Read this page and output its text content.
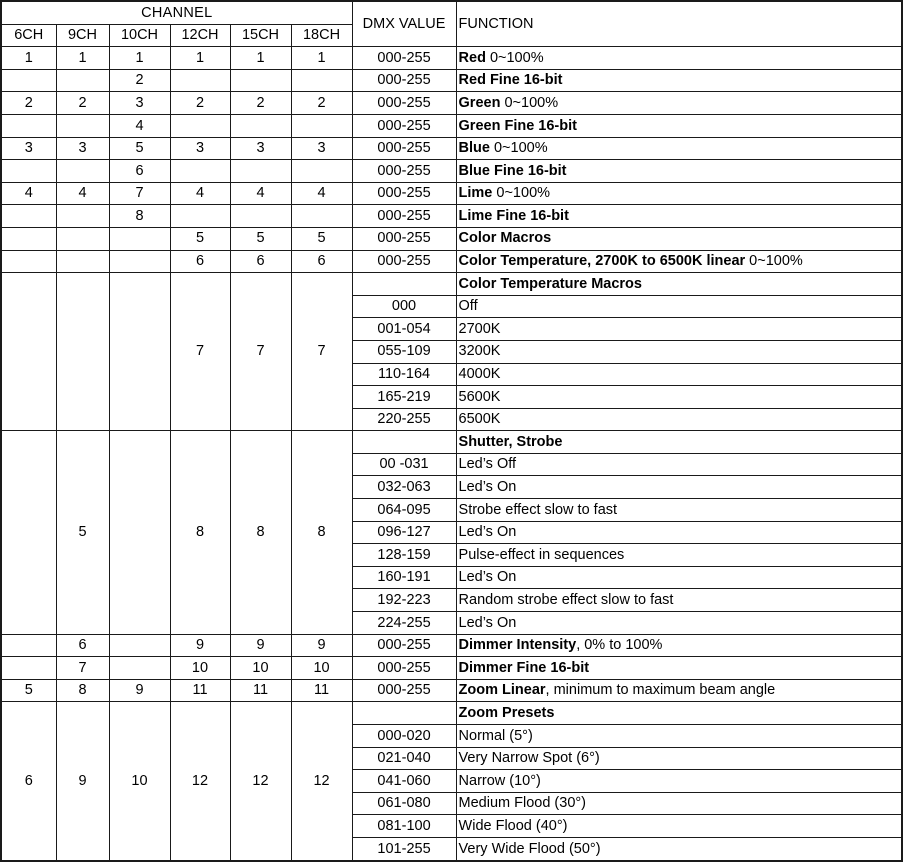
CHANNEL						DMX VALUE	FUNCTION
6CH	9CH	10CH	12CH	15CH	18CH		
1	1	1	1	1	1	000-255	Red 0~100%
		2				000-255	Red Fine 16-bit
2	2	3	2	2	2	000-255	Green 0~100%
		4				000-255	Green Fine 16-bit
3	3	5	3	3	3	000-255	Blue 0~100%
		6				000-255	Blue Fine 16-bit
4	4	7	4	4	4	000-255	Lime 0~100%
		8				000-255	Lime Fine 16-bit
			5	5	5	000-255	Color Macros
			6	6	6	000-255	Color Temperature, 2700K to 6500K linear 0~100%
			7	7	7		Color Temperature Macros
						000	Off
						001-054	2700K
						055-109	3200K
						110-164	4000K
						165-219	5600K
						220-255	6500K
	5		8	8	8		Shutter, Strobe
						00 -031	Led’s Off
						032-063	Led’s On
						064-095	Strobe effect slow to fast
						096-127	Led’s On
						128-159	Pulse-effect in sequences
						160-191	Led’s On
						192-223	Random strobe effect slow to fast
						224-255	Led’s On
	6		9	9	9	000-255	Dimmer Intensity, 0% to 100%
	7		10	10	10	000-255	Dimmer Fine 16-bit
5	8	9	11	11	11	000-255	Zoom Linear, minimum to maximum beam angle
6	9	10	12	12	12		Zoom Presets
						000-020	Normal (5°)
						021-040	Very Narrow Spot (6°)
						041-060	Narrow (10°)
						061-080	Medium Flood (30°)
						081-100	Wide Flood (40°)
						101-255	Very Wide Flood (50°)
